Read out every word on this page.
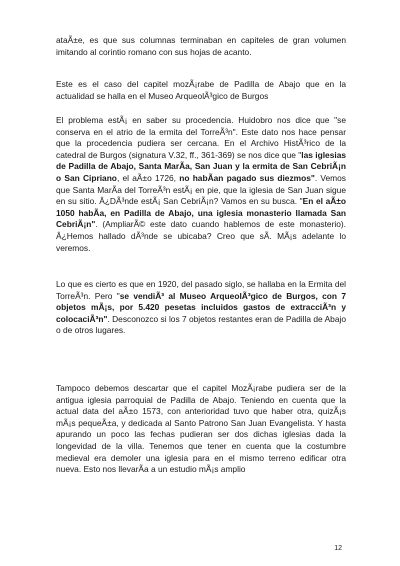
ataÃ±e, es que sus columnas terminaban en capiteles de gran volumen imitando al corintio romano con sus hojas de acanto.

Este es el caso del capitel mozÃ¡rabe de Padilla de Abajo que en la actualidad se halla en el Museo ArqueolÃ³gico de Burgos

El problema estÃ¡ en saber su procedencia. Huidobro nos dice que "se conserva en el atrio de la ermita del TorreÃ³n". Este dato nos hace pensar que la procedencia pudiera ser cercana. En el Archivo HistÃ³rico de la catedral de Burgos (signatura V.32, ff., 361-369) se nos dice que "las iglesias de Padilla de Abajo, Santa MarÃa, San Juan y la ermita de San CebriÃ¡n o San Cipriano, el aÃ±o 1726, no habÃan pagado sus diezmos". Vemos que Santa MarÃa del TorreÃ³n estÃ¡ en pie, que la iglesia de San Juan sigue en su sitio. Â¿DÃ³nde estÃ¡ San CebriÃ¡n? Vamos en su busca. "En el aÃ±o 1050 habÃa, en Padilla de Abajo, una iglesia monasterio llamada San CebriÃ¡n". (AmpliarÃ© este dato cuando hablemos de este monasterio). Â¿Hemos hallado dÃ³nde se ubicaba? Creo que sÃ. MÃ¡s adelante lo veremos.

Lo que es cierto es que en 1920, del pasado siglo, se hallaba en la Ermita del TorreÃ³n. Pero "se vendiÃ³ al Museo ArqueolÃ³gico de Burgos, con 7 objetos mÃ¡s, por 5.420 pesetas incluidos gastos de extracciÃ³n y colocaciÃ³n". Desconozco si los 7 objetos restantes eran de Padilla de Abajo o de otros lugares.

Tampoco debemos descartar que el capitel MozÃ¡rabe pudiera ser de la antigua iglesia parroquial de Padilla de Abajo. Teniendo en cuenta que la actual data del aÃ±o 1573, con anterioridad tuvo que haber otra, quizÃ¡s mÃ¡s pequeÃ±a, y dedicada al Santo Patrono San Juan Evangelista. Y hasta apurando un poco las fechas pudieran ser dos dichas iglesias dada la longevidad de la villa. Tenemos que tener en cuenta que la costumbre medieval era demoler una iglesia para en el mismo terreno edificar otra nueva. Esto nos llevarÃa a un estudio mÃ¡s amplio

12
